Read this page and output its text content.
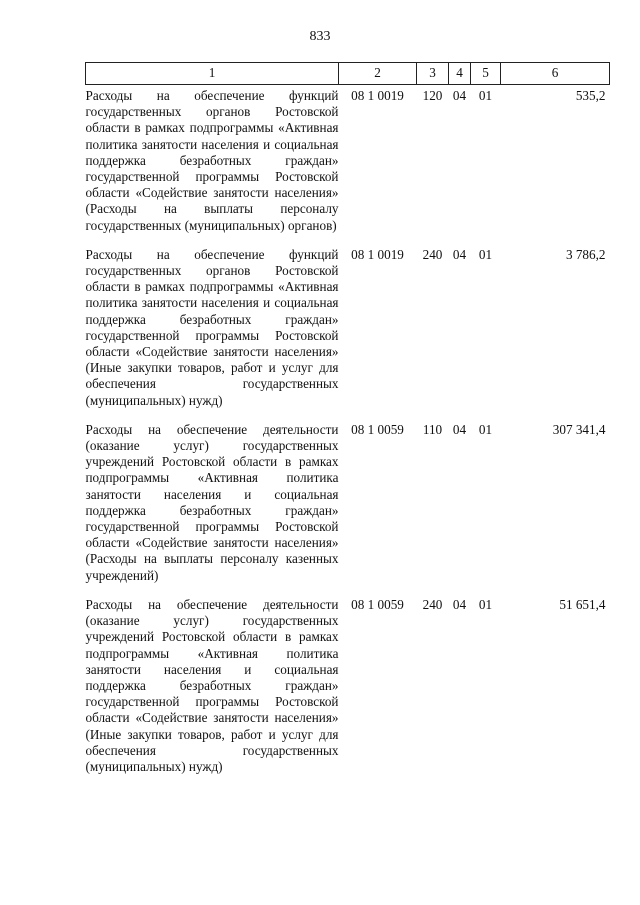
833
1	2	3	4	5	6
Расходы на обеспечение функций государственных органов Ростовской области в рамках подпрограммы «Активная политика занятости населения и социальная поддержка безработных граждан» государственной программы Ростовской области «Содействие занятости населения» (Расходы на выплаты персоналу государственных (муниципальных) органов)	08 1 0019	120	04	01	535,2
Расходы на обеспечение функций государственных органов Ростовской области в рамках подпрограммы «Активная политика занятости населения и социальная поддержка безработных граждан» государственной программы Ростовской области «Содействие занятости населения» (Иные закупки товаров, работ и услуг для обеспечения государственных (муниципальных) нужд)	08 1 0019	240	04	01	3 786,2
Расходы на обеспечение деятельности (оказание услуг) государственных учреждений Ростовской области в рамках подпрограммы «Активная политика занятости населения и социальная поддержка безработных граждан» государственной программы Ростовской области «Содействие занятости населения» (Расходы на выплаты персоналу казенных учреждений)	08 1 0059	110	04	01	307 341,4
Расходы на обеспечение деятельности (оказание услуг) государственных учреждений Ростовской области в рамках подпрограммы «Активная политика занятости населения и социальная поддержка безработных граждан» государственной программы Ростовской области «Содействие занятости населения» (Иные закупки товаров, работ и услуг для обеспечения государственных (муниципальных) нужд)	08 1 0059	240	04	01	51 651,4
